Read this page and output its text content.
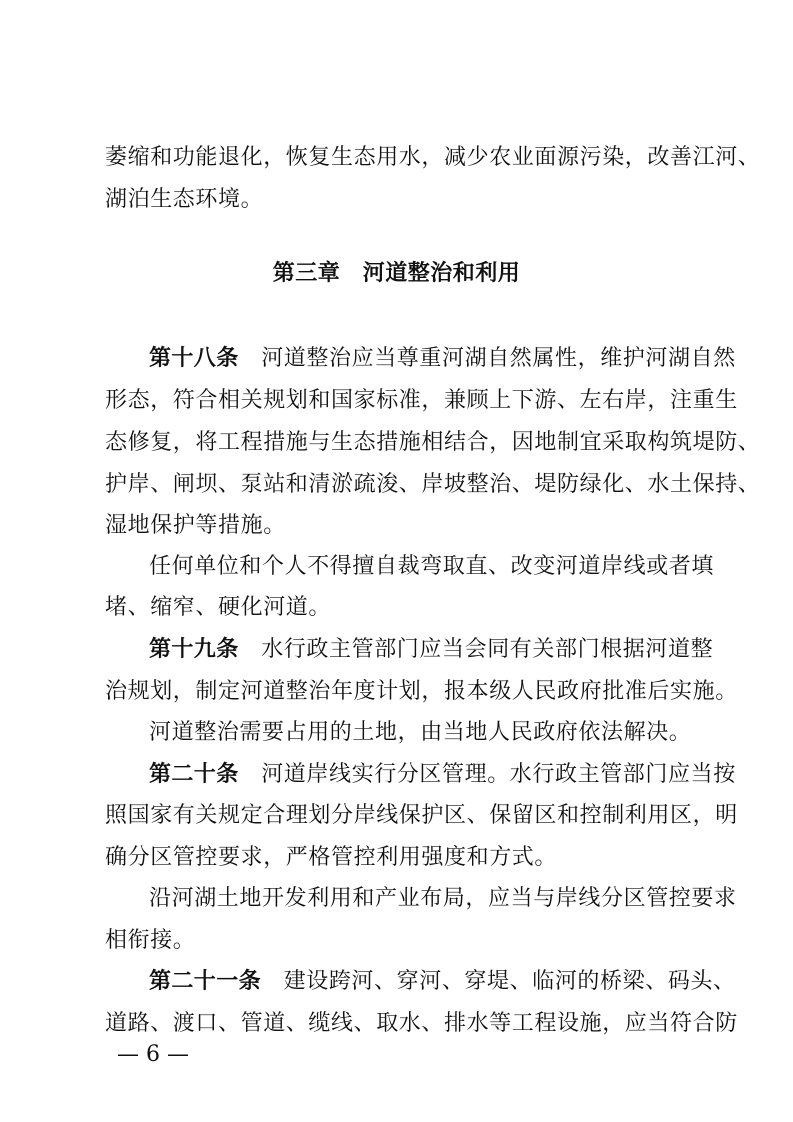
萎缩和功能退化，恢复生态用水，减少农业面源污染，改善江河、
湖泊生态环境。
第三章　河道整治和利用
第十八条　河道整治应当尊重河湖自然属性，维护河湖自然
形态，符合相关规划和国家标准，兼顾上下游、左右岸，注重生
态修复，将工程措施与生态措施相结合，因地制宜采取构筑堤防、
护岸、闸坝、泵站和清淤疏浚、岸坡整治、堤防绿化、水土保持、
湿地保护等措施。
任何单位和个人不得擅自裁弯取直、改变河道岸线或者填
堵、缩窄、硬化河道。
第十九条　水行政主管部门应当会同有关部门根据河道整
治规划，制定河道整治年度计划，报本级人民政府批准后实施。
河道整治需要占用的土地，由当地人民政府依法解决。
第二十条　河道岸线实行分区管理。水行政主管部门应当按
照国家有关规定合理划分岸线保护区、保留区和控制利用区，明
确分区管控要求，严格管控利用强度和方式。
沿河湖土地开发利用和产业布局，应当与岸线分区管控要求
相衔接。
第二十一条　建设跨河、穿河、穿堤、临河的桥梁、码头、
道路、渡口、管道、缆线、取水、排水等工程设施，应当符合防
— 6 —
